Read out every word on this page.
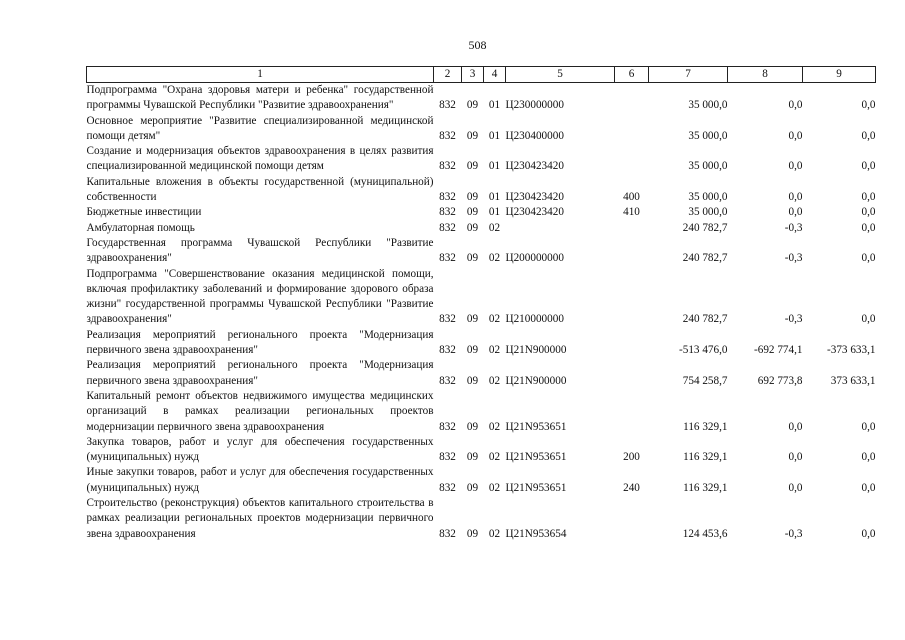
508
1	2	3	4	5	6	7	8	9
Подпрограмма "Охрана здоровья матери и ребенка" государственной программы Чувашской Республики "Развитие здравоохранения"	832	09	01	Ц230000000		35 000,0	0,0	0,0
Основное мероприятие "Развитие специализированной медицинской помощи детям"	832	09	01	Ц230400000		35 000,0	0,0	0,0
Создание и модернизация объектов здравоохранения в целях развития специализированной медицинской помощи детям	832	09	01	Ц230423420		35 000,0	0,0	0,0
Капитальные вложения в объекты государственной (муниципальной) собственности	832	09	01	Ц230423420	400	35 000,0	0,0	0,0
Бюджетные инвестиции	832	09	01	Ц230423420	410	35 000,0	0,0	0,0
Амбулаторная помощь	832	09	02			240 782,7	-0,3	0,0
Государственная программа Чувашской Республики "Развитие здравоохранения"	832	09	02	Ц200000000		240 782,7	-0,3	0,0
Подпрограмма "Совершенствование оказания медицинской помощи, включая профилактику заболеваний и формирование здорового образа жизни" государственной программы Чувашской Республики "Развитие здравоохранения"	832	09	02	Ц210000000		240 782,7	-0,3	0,0
Реализация мероприятий регионального проекта "Модернизация первичного звена здравоохранения"	832	09	02	Ц21N900000		-513 476,0	-692 774,1	-373 633,1
Реализация мероприятий регионального проекта "Модернизация первичного звена здравоохранения"	832	09	02	Ц21N900000		754 258,7	692 773,8	373 633,1
Капитальный ремонт объектов недвижимого имущества медицинских организаций в рамках реализации региональных проектов модернизации первичного звена здравоохранения	832	09	02	Ц21N953651		116 329,1	0,0	0,0
Закупка товаров, работ и услуг для обеспечения государственных (муниципальных) нужд	832	09	02	Ц21N953651	200	116 329,1	0,0	0,0
Иные закупки товаров, работ и услуг для обеспечения государственных (муниципальных) нужд	832	09	02	Ц21N953651	240	116 329,1	0,0	0,0
Строительство (реконструкция) объектов капитального строительства в рамках реализации региональных проектов модернизации первичного звена здравоохранения	832	09	02	Ц21N953654		124 453,6	-0,3	0,0
